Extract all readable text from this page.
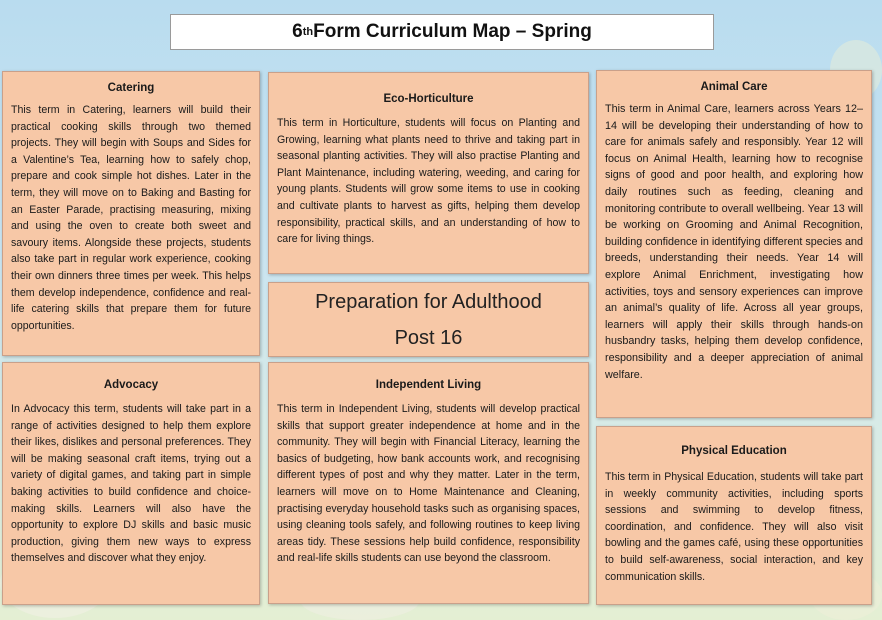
6 th Form Curriculum Map – Spring
Catering

This term in Catering, learners will build their practical cooking skills through two themed projects. They will begin with Soups and Sides for a Valentine’s Tea, learning how to safely chop, prepare and cook simple hot dishes. Later in the term, they will move on to Baking and Basting for an Easter Parade, practising measuring, mixing and using the oven to create both sweet and savoury items. Alongside these projects, students also take part in regular work experience, cooking their own dinners three times per week. This helps them develop independence, confidence and real-life catering skills that prepare them for future opportunities.

Eco-Horticulture

This term in Horticulture, students will focus on Planting and Growing, learning what plants need to thrive and taking part in seasonal planting activities. They will also practise Planting and Plant Maintenance, including watering, weeding, and caring for young plants. Students will grow some items to use in cooking and cultivate plants to harvest as gifts, helping them develop responsibility, practical skills, and an understanding of how to care for living things.

Preparation for Adulthood
Post 16
Animal Care

This term in Animal Care, learners across Years 12–14 will be developing their understanding of how to care for animals safely and responsibly. Year 12 will focus on Animal Health, learning how to recognise signs of good and poor health, and exploring how daily routines such as feeding, cleaning and monitoring contribute to overall wellbeing. Year 13 will be working on Grooming and Animal Recognition, building confidence in identifying different species and breeds, understanding their needs. Year 14 will explore Animal Enrichment, investigating how activities, toys and sensory experiences can improve an animal’s quality of life. Across all year groups, learners will apply their skills through hands-on husbandry tasks, helping them develop confidence, responsibility and a deeper appreciation of animal welfare.

Advocacy

In Advocacy this term, students will take part in a range of activities designed to help them explore their likes, dislikes and personal preferences. They will be making seasonal craft items, trying out a variety of digital games, and taking part in simple baking activities to build confidence and choice-making skills. Learners will also have the opportunity to explore DJ skills and basic music production, giving them new ways to express themselves and discover what they enjoy.

Independent Living

This term in Independent Living, students will develop practical skills that support greater independence at home and in the community. They will begin with Financial Literacy, learning the basics of budgeting, how bank accounts work, and recognising different types of post and why they matter. Later in the term, learners will move on to Home Maintenance and Cleaning, practising everyday household tasks such as organising spaces, using cleaning tools safely, and following routines to keep living areas tidy. These sessions help build confidence, responsibility and real-life skills students can use beyond the classroom.

Physical Education

This term in Physical Education, students will take part in weekly community activities, including sports sessions and swimming to develop fitness, coordination, and confidence. They will also visit bowling and the games café, using these opportunities to build self-awareness, social interaction, and key communication skills.
